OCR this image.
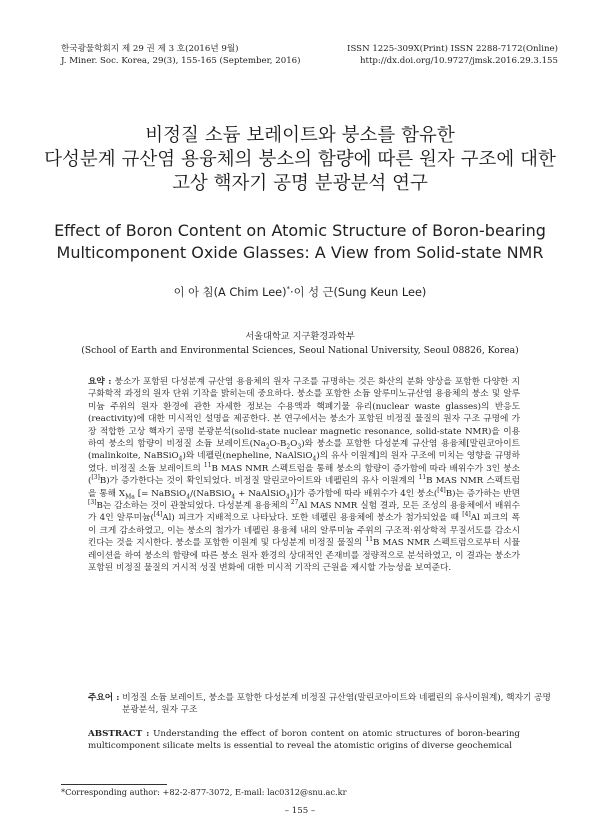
한국광물학회지 제 29 권 제 3 호(2016년 9월)
J. Miner. Soc. Korea, 29(3), 155-165 (September, 2016)
ISSN 1225-309X(Print) ISSN 2288-7172(Online)
http://dx.doi.org/10.9727/jmsk.2016.29.3.155
비정질 소듐 보레이트와 붕소를 함유한
다성분계 규산염 용융체의 붕소의 함량에 따른 원자 구조에 대한
고상 핵자기 공명 분광분석 연구
Effect of Boron Content on Atomic Structure of Boron-bearing
Multicomponent Oxide Glasses: A View from Solid-state NMR
이 아 침(A Chim Lee)*·이 성 근(Sung Keun Lee)
서울대학교 지구환경과학부
(School of Earth and Environmental Sciences, Seoul National University, Seoul 08826, Korea)
요약 : 붕소가 포함된 다성분계 규산염 용융체의 원자 구조를 규명하는 것은 화산의 분화 양상을 포함한 다양한 지구화학적 과정의 원자 단위 기작을 밝히는데 중요하다. 붕소를 포함한 소듐 알루미노규산염 용융체의 붕소 및 알루미늄 주위의 원자 환경에 관한 자세한 정보는 수용액과 핵폐기물 유리(nuclear waste glasses)의 반응도(reactivity)에 대한 미시적인 설명을 제공한다. 본 연구에서는 붕소가 포함된 비정질 물질의 원자 구조 규명에 가장 적합한 고상 핵자기 공명 분광분석(solid-state nuclear magnetic resonance, solid-state NMR)을 이용하여 붕소의 함량이 비정질 소듐 보레이트$(Na_2O-B_2O_3)$와 붕소를 포함한 다성분계 규산염 용융체[말린코아이트(malinkoite, NaBSiO$_4$)와 네펠린(nepheline, NaAlSiO$_4$)의 유사 이원계]의 원자 구조에 미치는 영향을 규명하였다. 비정질 소듐 보레이트의 $^{11}$B MAS NMR 스펙트럼을 통해 붕소의 함량이 증가함에 따라 배위수가 3인 붕소([3]B)가 증가한다는 것이 확인되었다. 비정질 말린코아이트와 네펠린의 유사 이원계의 $^{11}$B MAS NMR 스펙트럼을 통해 $X_{Ma}$ [= NaBSiO$_4$/(NaBSiO$_4$ + NaAlSiO$_4$)]가 증가함에 따라 배위수가 4인 붕소([4]B)는 증가하는 반면 [3]B는 감소하는 것이 관찰되었다. 다성분계 용융체의 $^{27}$Al MAS NMR 실험 결과, 모든 조성의 용융체에서 배위수가 4인 알루미늄([4]Al) 피크가 지배적으로 나타났다. 또한 네펠린 용융체에 붕소가 첨가되었을 때 [4]Al 피크의 폭이 크게 감소하였고, 이는 붕소의 첨가가 네펠린 용융체 내의 알루미늄 주위의 구조적·위상학적 무질서도를 감소시킨다는 것을 지시한다. 붕소를 포함한 이원계 및 다성분계 비정질 물질의 $^{11}$B MAS NMR 스펙트럼으로부터 시뮬레이션을 하여 붕소의 함량에 따른 붕소 원자 환경의 상대적인 존재비를 정량적으로 분석하였고, 이 결과는 붕소가 포함된 비정질 물질의 거시적 성질 변화에 대한 미시적 기작의 근원을 제시할 가능성을 보여준다.
주요어 : 비정질 소듐 보레이트, 붕소를 포함한 다성분계 비정질 규산염(말린코아이트와 네펠린의 유사이원계), 핵자기 공명 분광분석, 원자 구조
ABSTRACT : Understanding the effect of boron content on atomic structures of boron-bearing multicomponent silicate melts is essential to reveal the atomistic origins of diverse geochemical
*Corresponding author: +82-2-877-3072, E-mail: lac0312@snu.ac.kr
– 155 –
